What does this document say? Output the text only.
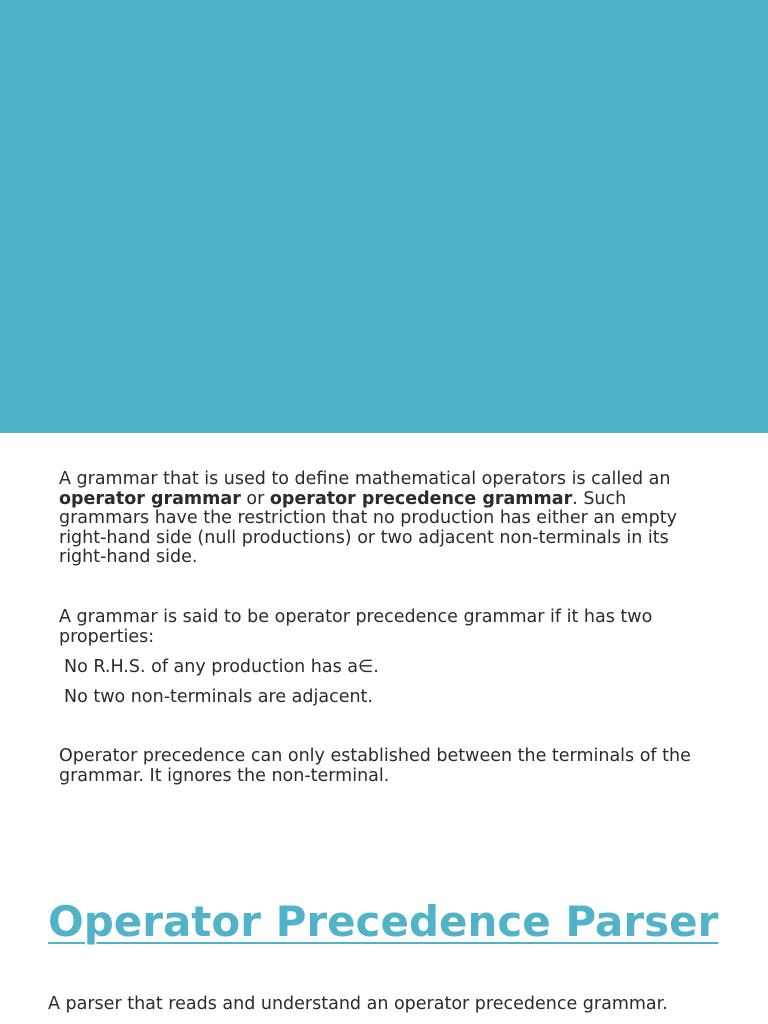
A grammar that is used to define mathematical operators is called an operator grammar or operator precedence grammar. Such grammars have the restriction that no production has either an empty right-hand side (null productions) or two adjacent non-terminals in its right-hand side.

A grammar is said to be operator precedence grammar if it has two properties:

No R.H.S. of any production has a∈.

No two non-terminals are adjacent.

Operator precedence can only established between the terminals of the grammar. It ignores the non-terminal.

Operator Precedence Parser

A parser that reads and understand an operator precedence grammar.
